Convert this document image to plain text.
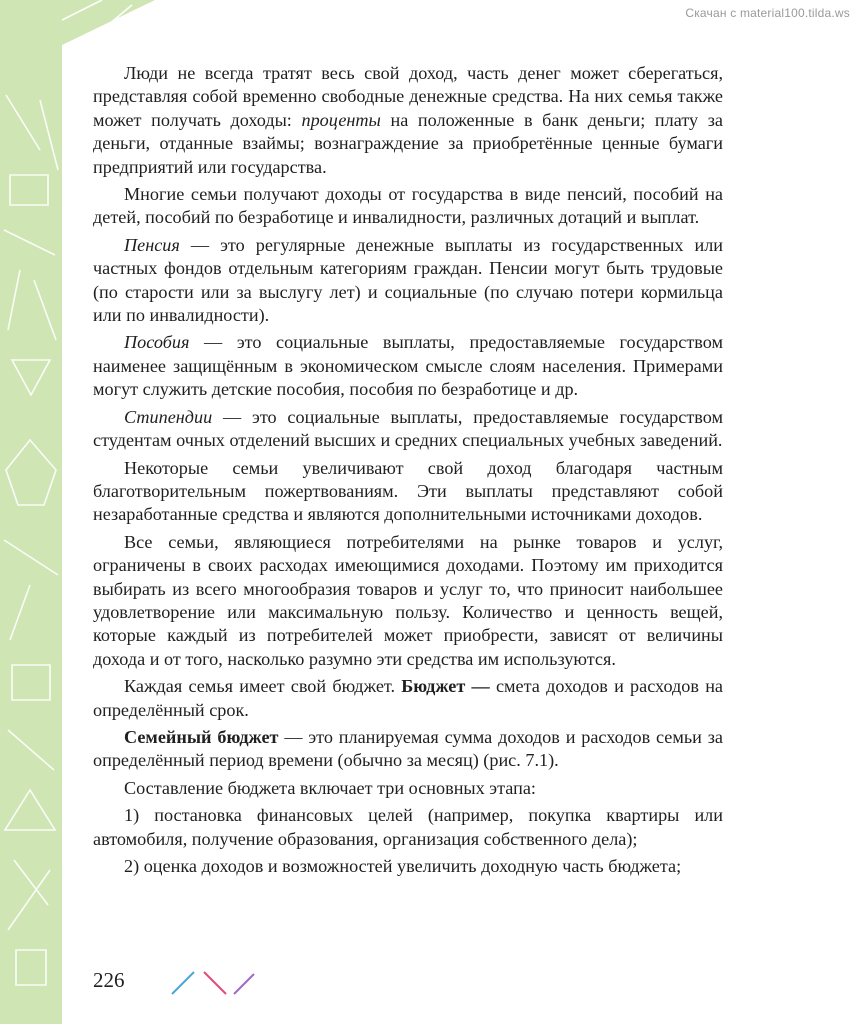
Скачан с material100.tilda.ws

Люди не всегда тратят весь свой доход, часть денег может сберегаться, представляя собой временно свободные денежные средства. На них семья также может получать доходы: проценты на положенные в банк деньги; плату за деньги, отданные взаймы; вознаграждение за приобретённые ценные бумаги предприятий или государства.

Многие семьи получают доходы от государства в виде пенсий, пособий на детей, пособий по безработице и инвалидности, различных дотаций и выплат.

Пенсия — это регулярные денежные выплаты из государственных или частных фондов отдельным категориям граждан. Пенсии могут быть трудовые (по старости или за выслугу лет) и социальные (по случаю потери кормильца или по инвалидности).

Пособия — это социальные выплаты, предоставляемые государством наименее защищённым в экономическом смысле слоям населения. Примерами могут служить детские пособия, пособия по безработице и др.

Стипендии — это социальные выплаты, предоставляемые государством студентам очных отделений высших и средних специальных учебных заведений.

Некоторые семьи увеличивают свой доход благодаря частным благотворительным пожертвованиям. Эти выплаты представляют собой незаработанные средства и являются дополнительными источниками доходов.

Все семьи, являющиеся потребителями на рынке товаров и услуг, ограничены в своих расходах имеющимися доходами. Поэтому им приходится выбирать из всего многообразия товаров и услуг то, что приносит наибольшее удовлетворение или максимальную пользу. Количество и ценность вещей, которые каждый из потребителей может приобрести, зависят от величины дохода и от того, насколько разумно эти средства им используются.

Каждая семья имеет свой бюджет. Бюджет — смета доходов и расходов на определённый срок.

Семейный бюджет — это планируемая сумма доходов и расходов семьи за определённый период времени (обычно за месяц) (рис. 7.1).

Составление бюджета включает три основных этапа:

1) постановка финансовых целей (например, покупка квартиры или автомобиля, получение образования, организация собственного дела);

2) оценка доходов и возможностей увеличить доходную часть бюджета;

226
